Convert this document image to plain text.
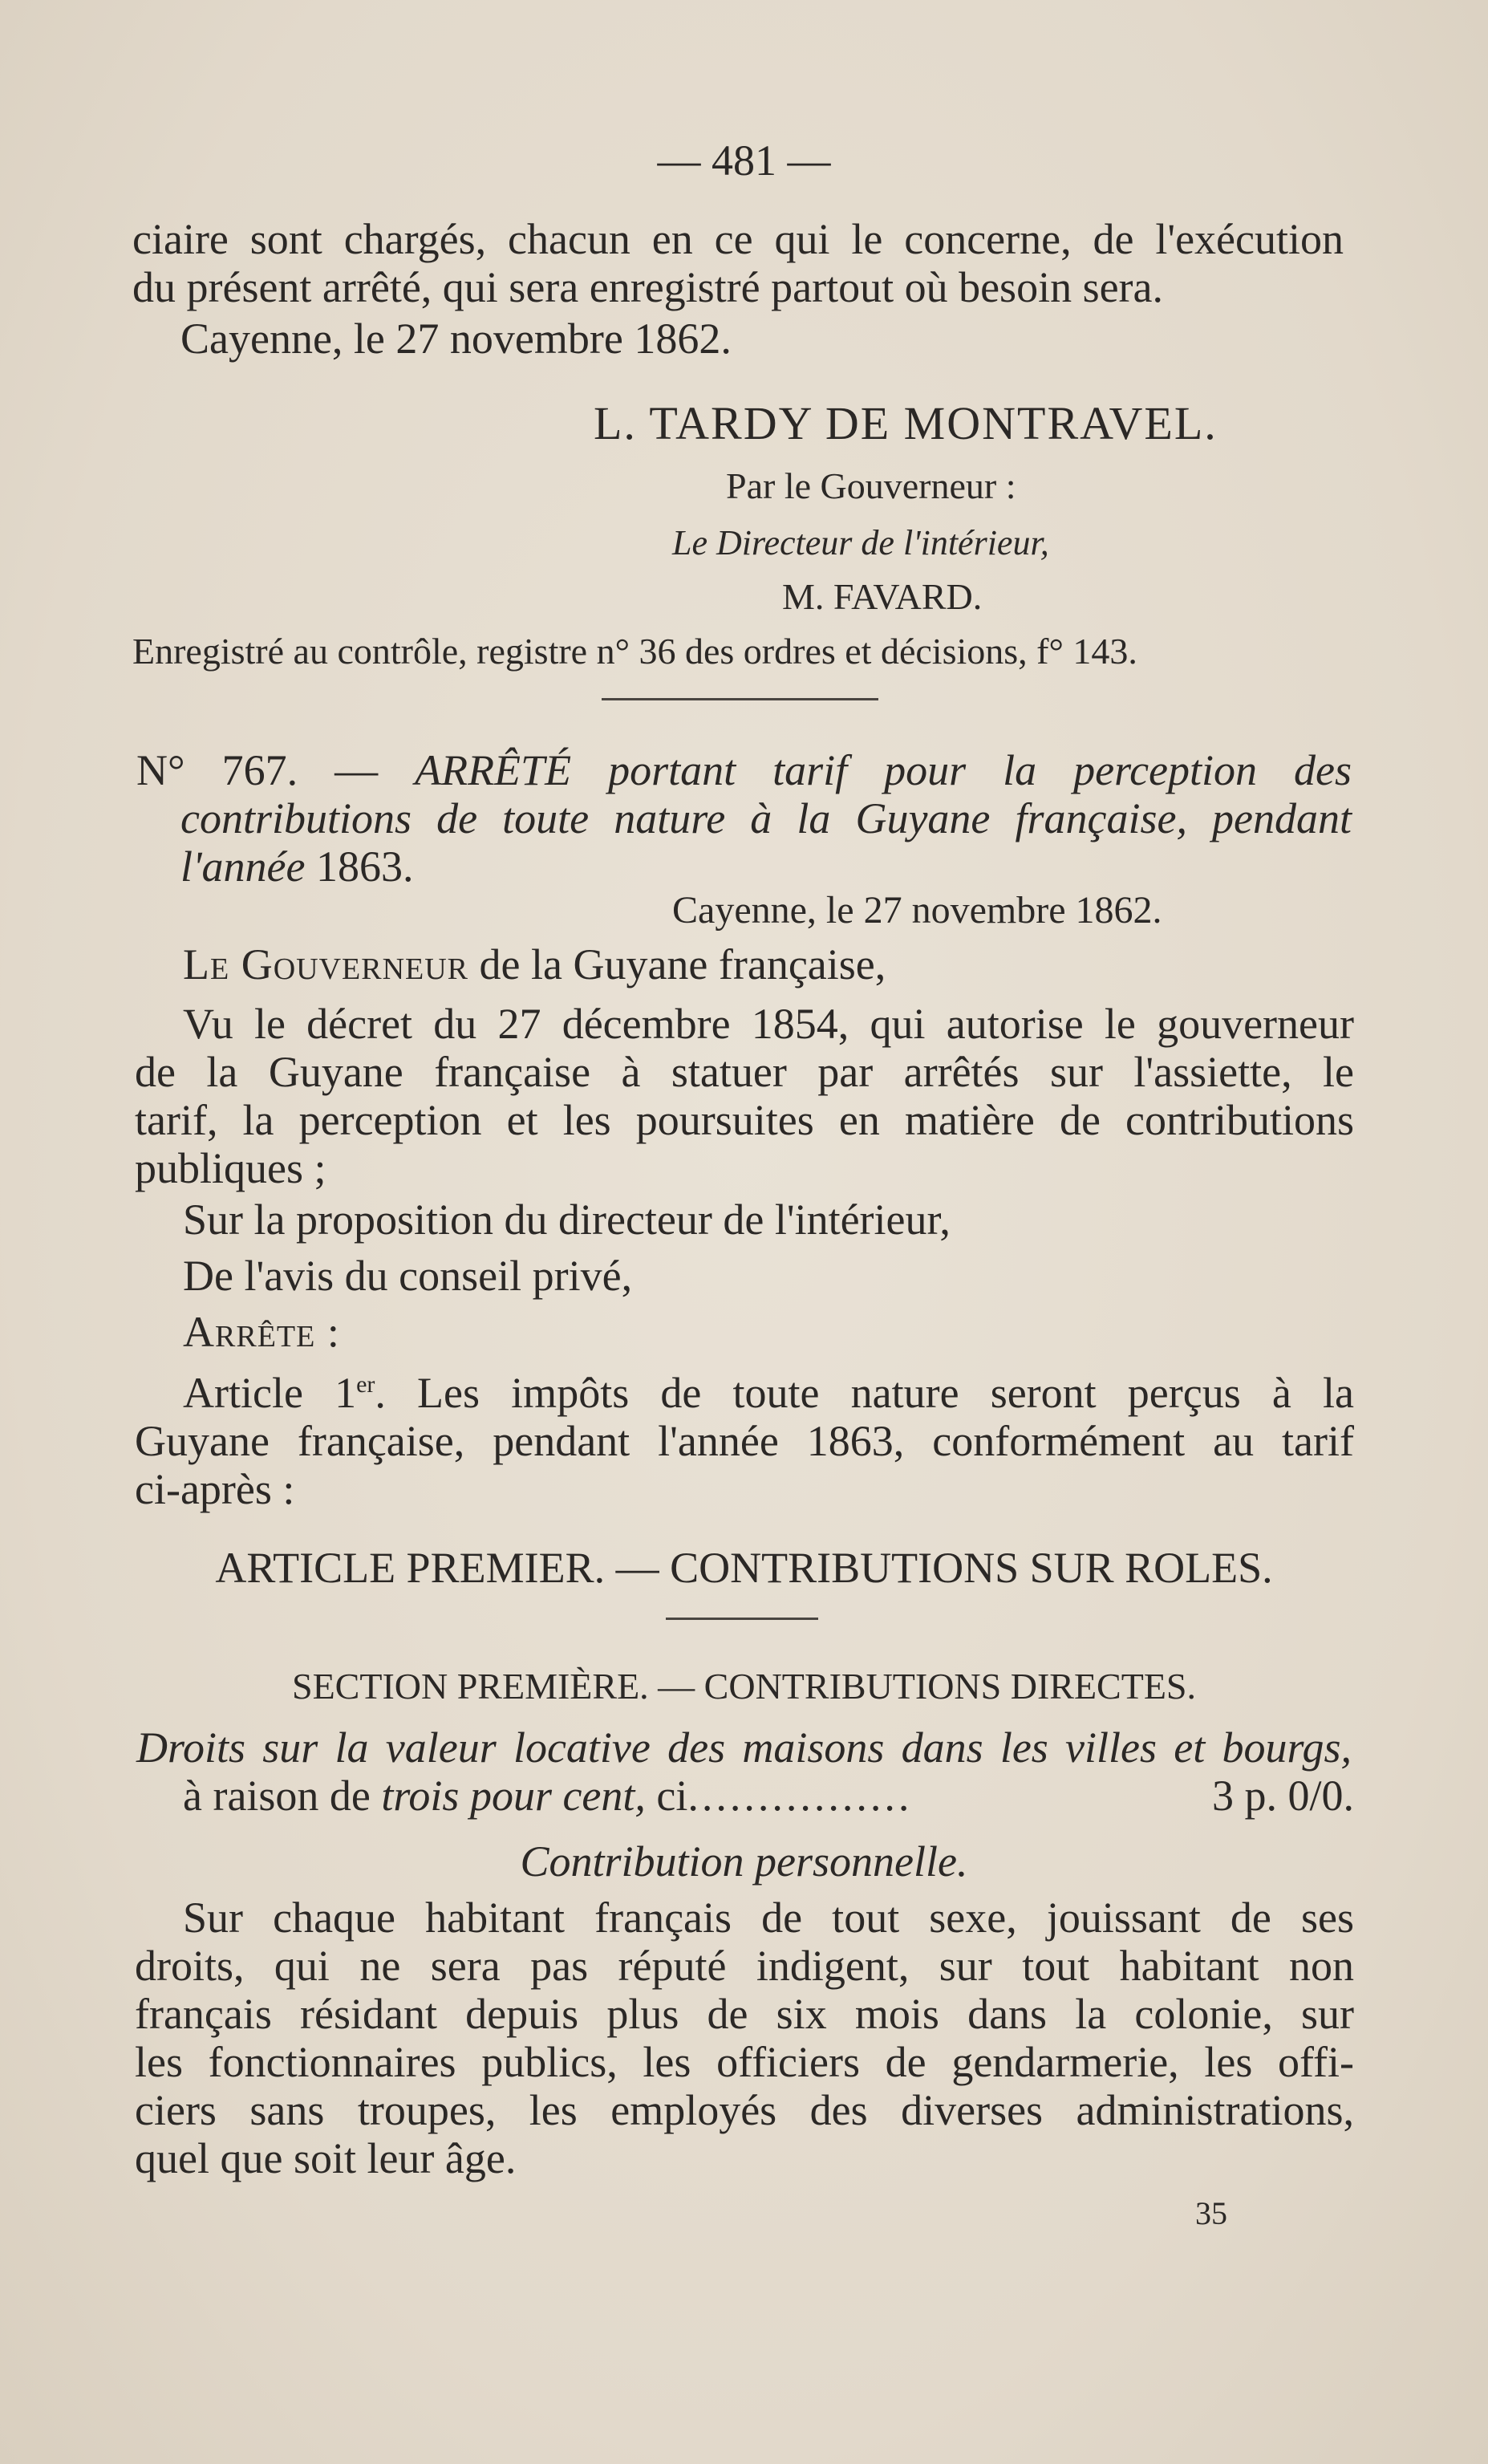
— 481 —
ciaire sont chargés, chacun en ce qui le concerne, de l'exécution
du présent arrêté, qui sera enregistré partout où besoin sera.
Cayenne, le 27 novembre 1862.
L. TARDY DE MONTRAVEL.
Par le Gouverneur :
Le Directeur de l'intérieur,
M. FAVARD.
Enregistré au contrôle, registre n° 36 des ordres et décisions, f° 143.
N° 767. — ARRÊTÉ portant tarif pour la perception des
contributions de toute nature à la Guyane française, pendant
l'année 1863.
Cayenne, le 27 novembre 1862.
Le Gouverneur de la Guyane française,
Vu le décret du 27 décembre 1854, qui autorise le gouverneur
de la Guyane française à statuer par arrêtés sur l'assiette, le
tarif, la perception et les poursuites en matière de contributions
publiques ;
Sur la proposition du directeur de l'intérieur,
De l'avis du conseil privé,
Arrête :
Article 1er. Les impôts de toute nature seront perçus à la
Guyane française, pendant l'année 1863, conformément au tarif
ci-après :
ARTICLE PREMIER. — CONTRIBUTIONS SUR ROLES.
SECTION PREMIÈRE. — CONTRIBUTIONS DIRECTES.
Droits sur la valeur locative des maisons dans les villes et bourgs,
à raison de trois pour cent, ci................	3 p. 0/0.
Contribution personnelle.
Sur chaque habitant français de tout sexe, jouissant de ses
droits, qui ne sera pas réputé indigent, sur tout habitant non
français résidant depuis plus de six mois dans la colonie, sur
les fonctionnaires publics, les officiers de gendarmerie, les offi-
ciers sans troupes, les employés des diverses administrations,
quel que soit leur âge.
35
